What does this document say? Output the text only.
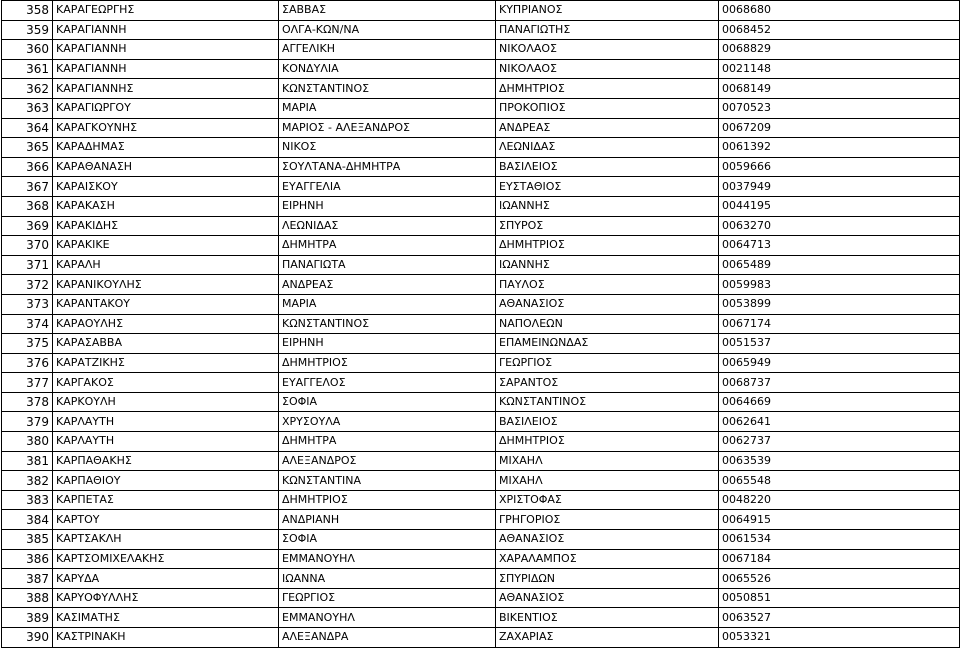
358	ΚΑΡΑΓΕΩΡΓΗΣ	ΣΑΒΒΑΣ	ΚΥΠΡΙΑΝΟΣ	0068680
359	ΚΑΡΑΓΙΑΝΝΗ	ΟΛΓΑ-ΚΩΝ/ΝΑ	ΠΑΝΑΓΙΩΤΗΣ	0068452
360	ΚΑΡΑΓΙΑΝΝΗ	ΑΓΓΕΛΙΚΗ	ΝΙΚΟΛΑΟΣ	0068829
361	ΚΑΡΑΓΙΑΝΝΗ	ΚΟΝΔΥΛΙΑ	ΝΙΚΟΛΑΟΣ	0021148
362	ΚΑΡΑΓΙΑΝΝΗΣ	ΚΩΝΣΤΑΝΤΙΝΟΣ	ΔΗΜΗΤΡΙΟΣ	0068149
363	ΚΑΡΑΓΙΩΡΓΟΥ	ΜΑΡΙΑ	ΠΡΟΚΟΠΙΟΣ	0070523
364	ΚΑΡΑΓΚΟΥΝΗΣ	ΜΑΡΙΟΣ - ΑΛΕΞΑΝΔΡΟΣ	ΑΝΔΡΕΑΣ	0067209
365	ΚΑΡΑΔΗΜΑΣ	ΝΙΚΟΣ	ΛΕΩΝΙΔΑΣ	0061392
366	ΚΑΡΑΘΑΝΑΣΗ	ΣΟΥΛΤΑΝΑ-ΔΗΜΗΤΡΑ	ΒΑΣΙΛΕΙΟΣ	0059666
367	ΚΑΡΑΙΣΚΟΥ	ΕΥΑΓΓΕΛΙΑ	ΕΥΣΤΑΘΙΟΣ	0037949
368	ΚΑΡΑΚΑΣΗ	ΕΙΡΗΝΗ	ΙΩΑΝΝΗΣ	0044195
369	ΚΑΡΑΚΙΔΗΣ	ΛΕΩΝΙΔΑΣ	ΣΠΥΡΟΣ	0063270
370	ΚΑΡΑΚΙΚΕ	ΔΗΜΗΤΡΑ	ΔΗΜΗΤΡΙΟΣ	0064713
371	ΚΑΡΑΛΗ	ΠΑΝΑΓΙΩΤΑ	ΙΩΑΝΝΗΣ	0065489
372	ΚΑΡΑΝΙΚΟΥΛΗΣ	ΑΝΔΡΕΑΣ	ΠΑΥΛΟΣ	0059983
373	ΚΑΡΑΝΤΑΚΟΥ	ΜΑΡΙΑ	ΑΘΑΝΑΣΙΟΣ	0053899
374	ΚΑΡΑΟΥΛΗΣ	ΚΩΝΣΤΑΝΤΙΝΟΣ	ΝΑΠΟΛΕΩΝ	0067174
375	ΚΑΡΑΣΑΒΒΑ	ΕΙΡΗΝΗ	ΕΠΑΜΕΙΝΩΝΔΑΣ	0051537
376	ΚΑΡΑΤΖΙΚΗΣ	ΔΗΜΗΤΡΙΟΣ	ΓΕΩΡΓΙΟΣ	0065949
377	ΚΑΡΓΑΚΟΣ	ΕΥΑΓΓΕΛΟΣ	ΣΑΡΑΝΤΟΣ	0068737
378	ΚΑΡΚΟΥΛΗ	ΣΟΦΙΑ	ΚΩΝΣΤΑΝΤΙΝΟΣ	0064669
379	ΚΑΡΛΑΥΤΗ	ΧΡΥΣΟΥΛΑ	ΒΑΣΙΛΕΙΟΣ	0062641
380	ΚΑΡΛΑΥΤΗ	ΔΗΜΗΤΡΑ	ΔΗΜΗΤΡΙΟΣ	0062737
381	ΚΑΡΠΑΘΑΚΗΣ	ΑΛΕΞΑΝΔΡΟΣ	ΜΙΧΑΗΛ	0063539
382	ΚΑΡΠΑΘΙΟΥ	ΚΩΝΣΤΑΝΤΙΝΑ	ΜΙΧΑΗΛ	0065548
383	ΚΑΡΠΕΤΑΣ	ΔΗΜΗΤΡΙΟΣ	ΧΡΙΣΤΟΦΑΣ	0048220
384	ΚΑΡΤΟΥ	ΑΝΔΡΙΑΝΗ	ΓΡΗΓΟΡΙΟΣ	0064915
385	ΚΑΡΤΣΑΚΛΗ	ΣΟΦΙΑ	ΑΘΑΝΑΣΙΟΣ	0061534
386	ΚΑΡΤΣΟΜΙΧΕΛΑΚΗΣ	ΕΜΜΑΝΟΥΗΛ	ΧΑΡΑΛΑΜΠΟΣ	0067184
387	ΚΑΡΥΔΑ	ΙΩΑΝΝΑ	ΣΠΥΡΙΔΩΝ	0065526
388	ΚΑΡΥΟΦΥΛΛΗΣ	ΓΕΩΡΓΙΟΣ	ΑΘΑΝΑΣΙΟΣ	0050851
389	ΚΑΣΙΜΑΤΗΣ	ΕΜΜΑΝΟΥΗΛ	ΒΙΚΕΝΤΙΟΣ	0063527
390	ΚΑΣΤΡΙΝΑΚΗ	ΑΛΕΞΑΝΔΡΑ	ΖΑΧΑΡΙΑΣ	0053321
